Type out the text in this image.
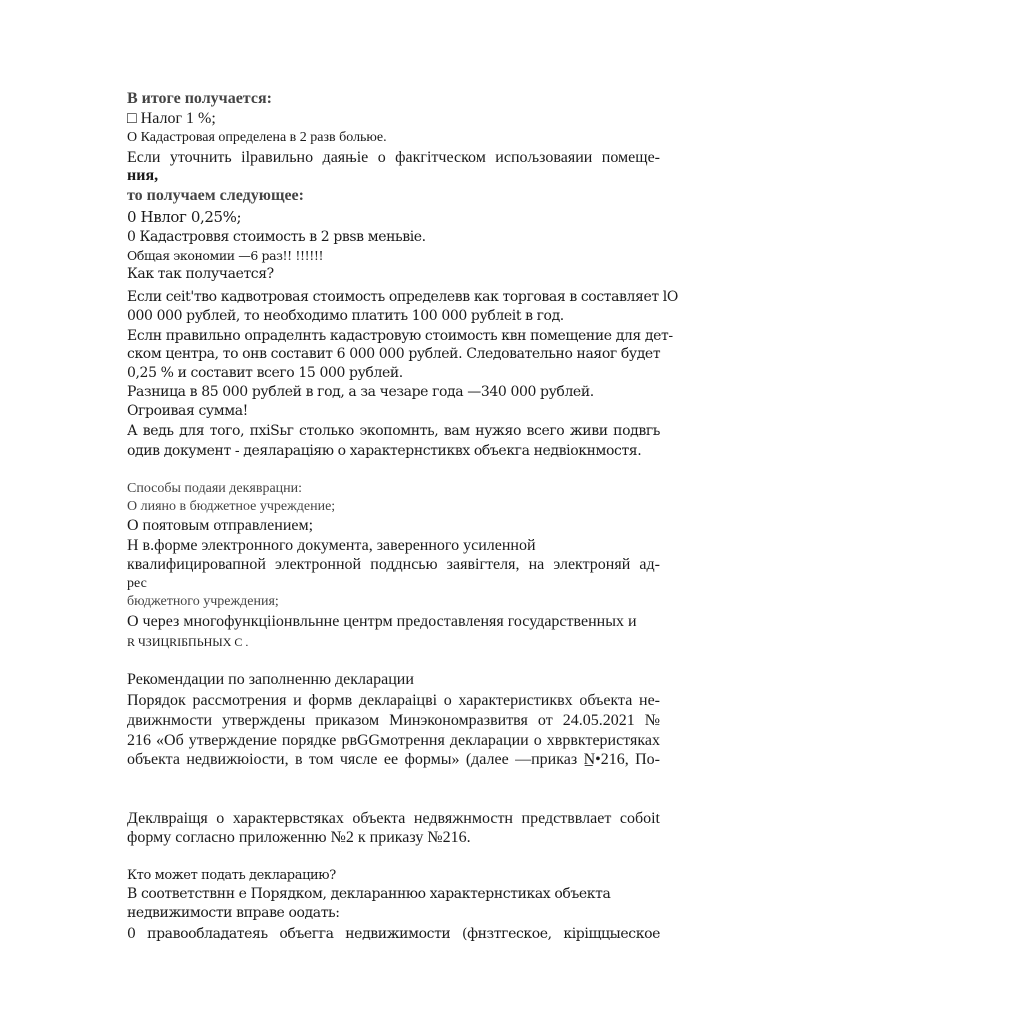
В итоге получается:
□ Налог 1 %;
O Кадастровая определена в 2 разв больюе.
Если уточнить ilравильно даяњіе о факгітческом испољзоваяии помеще-
ния,
то получаем следующее:
0 Нвлог 0,25%;
0 Кадастроввя стоимость в 2 pвsв меньвіе.
Общая экономии —6 раз!! !!!!!!
Как так получается?
Если сеіt'тво кадвотровая стоимость определевв как торговая в составляет lO
000 000 рублей, то необходимо платить 100 000 рублеit в год.
Еслн правильно опраделнть кадастровую стоимость квн помещение для дет-
ском центра, то онв составит 6 000 000 рублей. Следовательно наяог будет
0,25 % и составит всего 15 000 рублей.
Разница в 85 000 рублей в год, а за чезаре года —340 000 рублей.
Огроивая сумма!
А ведь для того, пxiSьг столько экопомнть, вам нужяо всего живи подвгь
одив документ - деялараціяю о характернстиквх объекга недвіокнмостя.
Способы подаяи декяврацни:
O лияно в бюджетное учреждение;
O поятовым отправлением;
Н в.форме электронного документа, заверенного усиленной
квалифицировапной электронной подднсью заявігтеля, на электроняй ад-
рес
бюджетного учреждения;
O через многофункціiонвльнне центрм предоставленяя государственных и
R ЧЗИЦRIБПЬНЫХ С .
Рекомендации по заполненню декларации
Порядок рассмотрения и формв деклараіцві о характеристиквх объекта не-
движнмости утверждены приказом Минэкономразвитвя от 24.05.2021 №
216 «Об утверждение порядке рвGGмотрення декларации о хврвктеристяках
объекта недвижюіости, в том чясле ее формы» (далее —приказ N̲•216, По-
Деклвраіщя о характервстяках объекта недвяжнмостн предстввлает собоit
форму согласно приложенню №2 к приказу №216.
Кто может подать декларацию?
В соответствнн е Порядком, деклараннюо характернстиках объекта
недвижимости вправе оодать:
0 правообладатеяь объегга недвижимости (фнзтгеское, кіріщцыеское
